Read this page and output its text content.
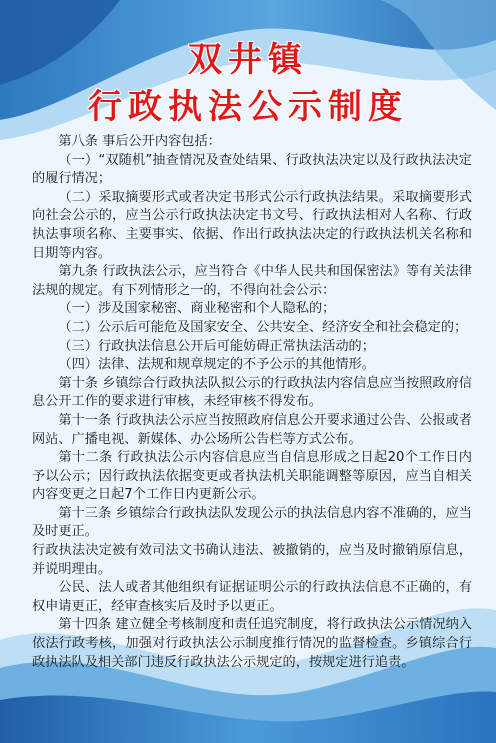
双井镇
行政执法公示制度

第八条 事后公开内容包括：

（一）“双随机”抽查情况及查处结果、行政执法决定以及行政执法决定的履行情况；

（二）采取摘要形式或者决定书形式公示行政执法结果。采取摘要形式向社会公示的，应当公示行政执法决定书文号、行政执法相对人名称、行政执法事项名称、主要事实、依据、作出行政执法决定的行政执法机关名称和日期等内容。

第九条 行政执法公示，应当符合《中华人民共和国保密法》等有关法律法规的规定。有下列情形之一的，不得向社会公示：

（一）涉及国家秘密、商业秘密和个人隐私的；

（二）公示后可能危及国家安全、公共安全、经济安全和社会稳定的；

（三）行政执法信息公开后可能妨碍正常执法活动的；

（四）法律、法规和规章规定的不予公示的其他情形。

第十条 乡镇综合行政执法队拟公示的行政执法内容信息应当按照政府信息公开工作的要求进行审核，未经审核不得发布。

第十一条 行政执法公示应当按照政府信息公开要求通过公告、公报或者网站、广播电视、新媒体、办公场所公告栏等方式公布。

第十二条 行政执法公示内容信息应当自信息形成之日起20个工作日内予以公示；因行政执法依据变更或者执法机关职能调整等原因，应当自相关内容变更之日起7个工作日内更新公示。

第十三条 乡镇综合行政执法队发现公示的执法信息内容不准确的，应当及时更正。

行政执法决定被有效司法文书确认违法、被撤销的，应当及时撤销原信息，并说明理由。

公民、法人或者其他组织有证据证明公示的行政执法信息不正确的，有权申请更正，经审查核实后及时予以更正。

第十四条 建立健全考核制度和责任追究制度，将行政执法公示情况纳入依法行政考核，加强对行政执法公示制度推行情况的监督检查。乡镇综合行政执法队及相关部门违反行政执法公示规定的，按规定进行追责。
